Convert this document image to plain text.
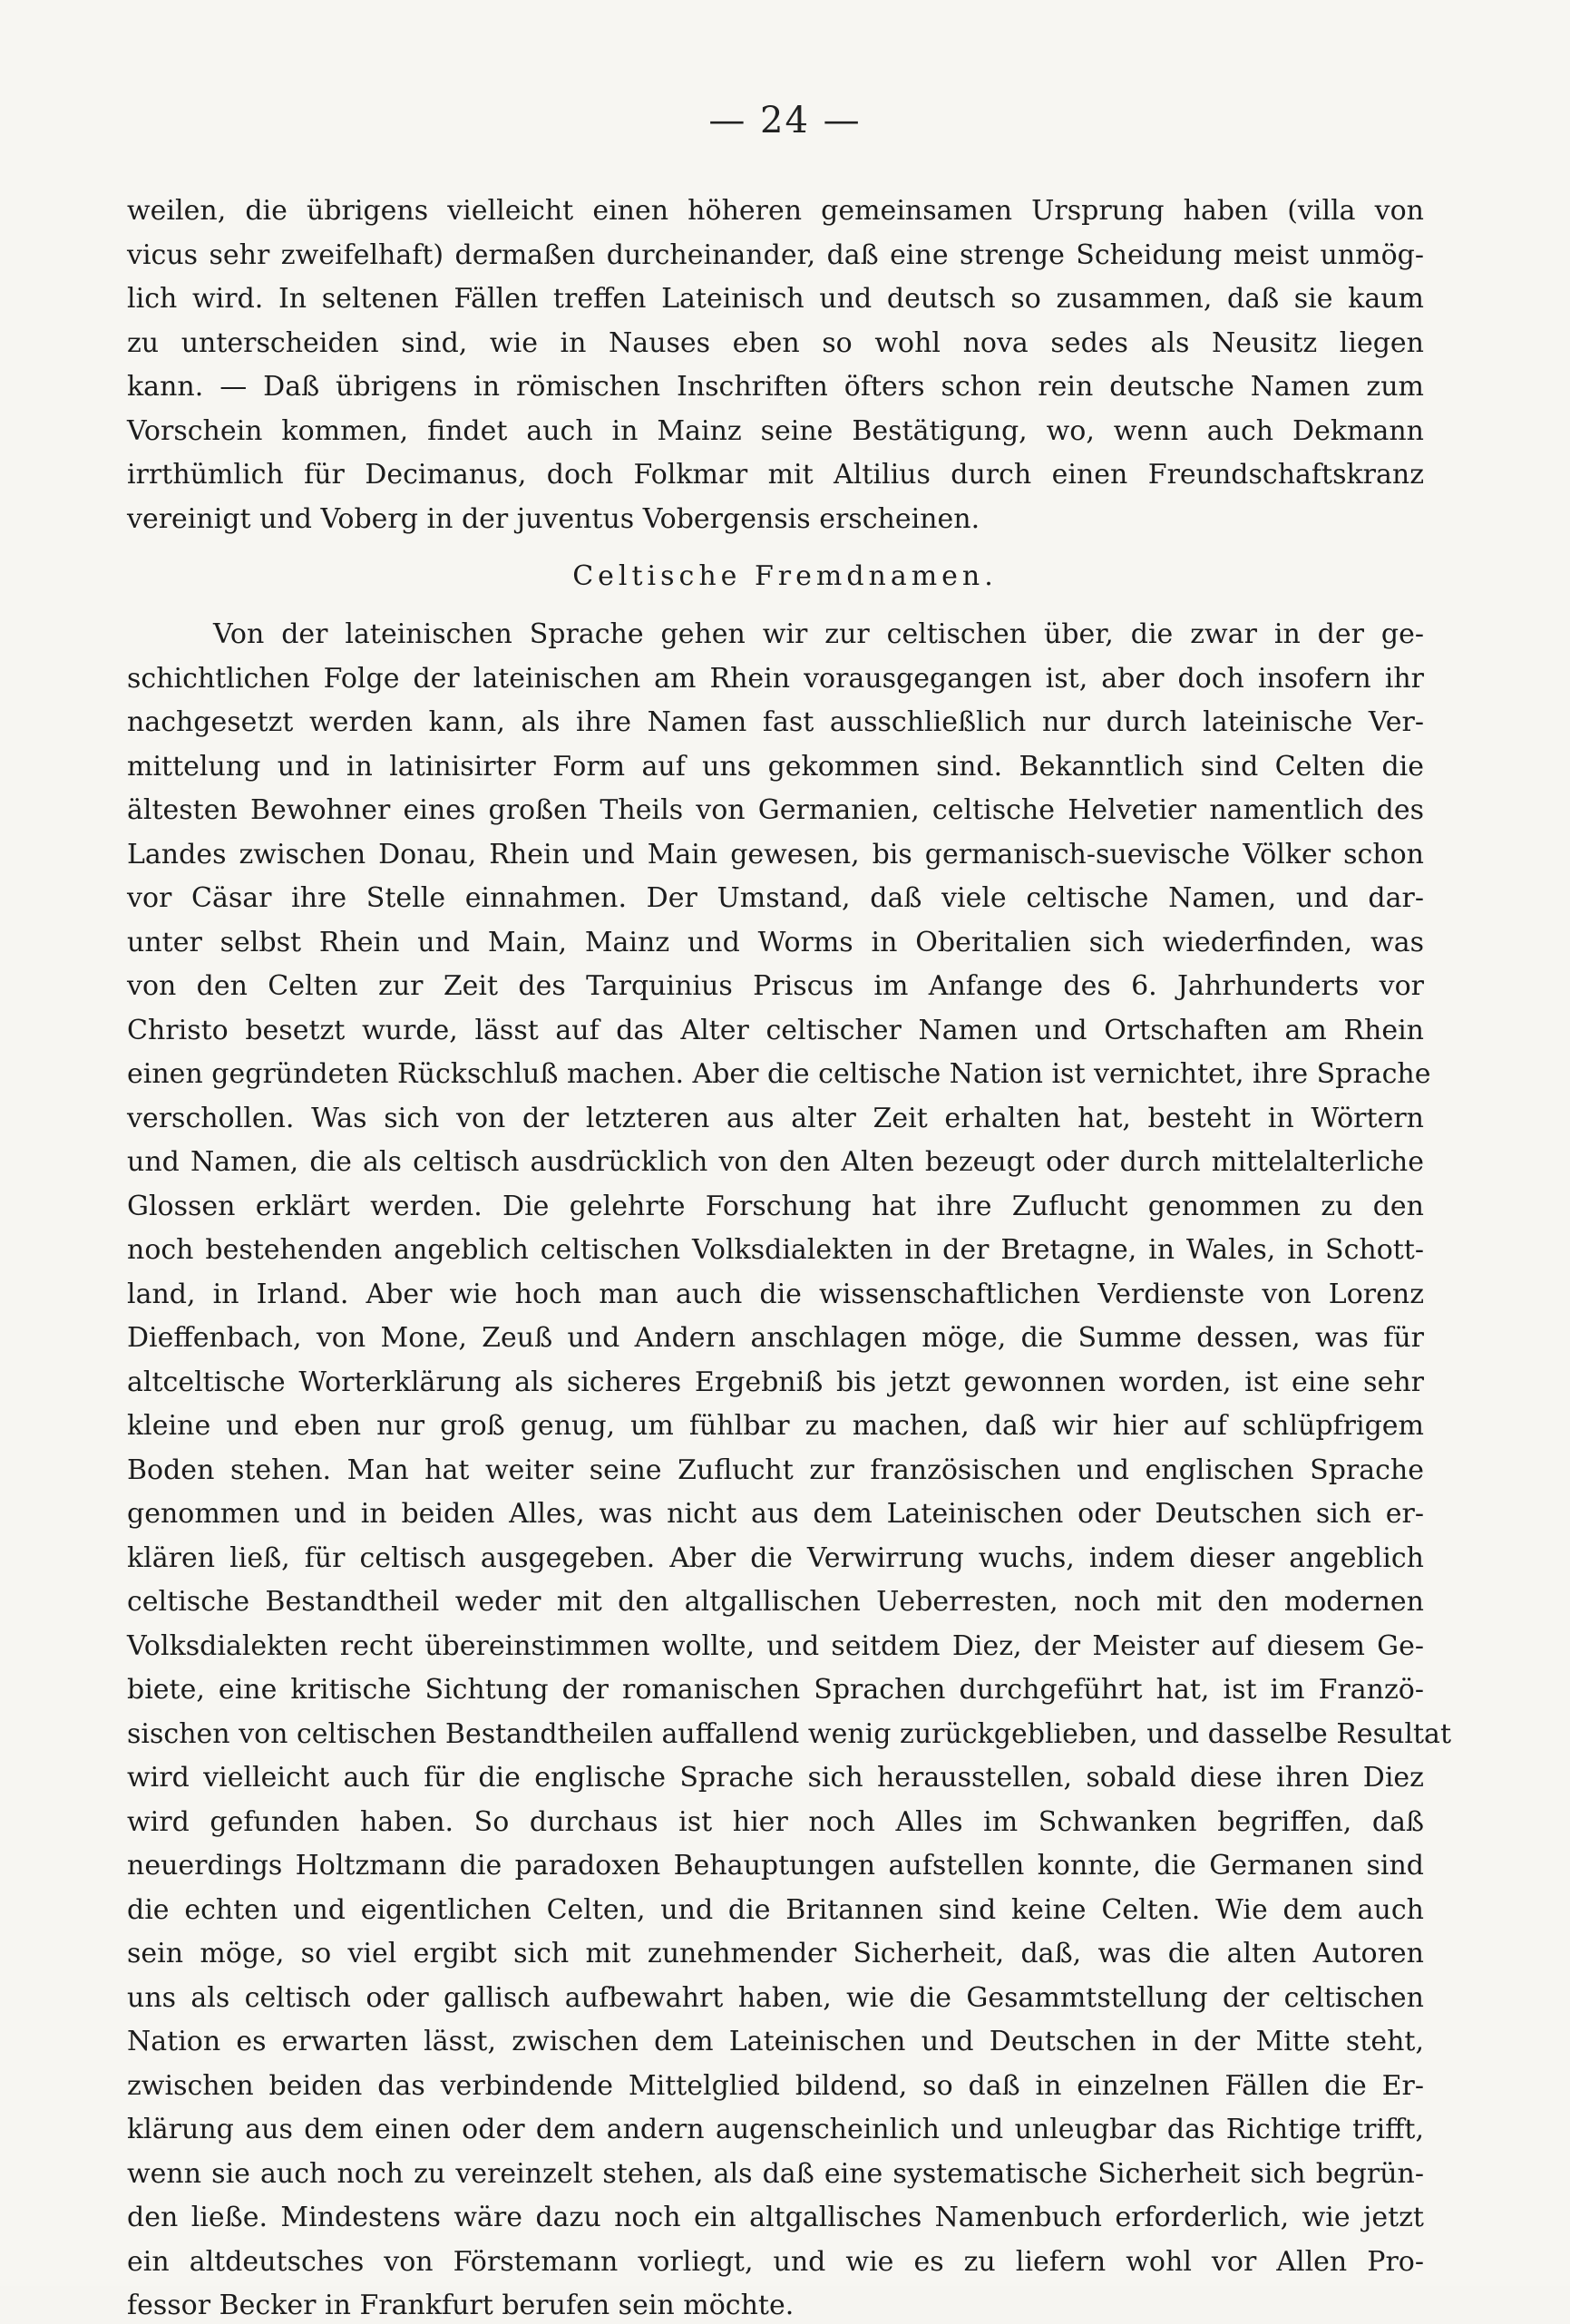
— 24 —

weilen, die übrigens vielleicht einen höheren gemeinsamen Ursprung haben (villa von

vicus sehr zweifelhaft) dermaßen durcheinander, daß eine strenge Scheidung meist unmög-

lich wird. In seltenen Fällen treffen Lateinisch und deutsch so zusammen, daß sie kaum

zu unterscheiden sind, wie in Nauses eben so wohl nova sedes als Neusitz liegen

kann. — Daß übrigens in römischen Inschriften öfters schon rein deutsche Namen zum

Vorschein kommen, findet auch in Mainz seine Bestätigung, wo, wenn auch Dekmann

irrthümlich für Decimanus, doch Folkmar mit Altilius durch einen Freundschaftskranz

vereinigt und Voberg in der juventus Vobergensis erscheinen.

Celtische Fremdnamen.

Von der lateinischen Sprache gehen wir zur celtischen über, die zwar in der ge-

schichtlichen Folge der lateinischen am Rhein vorausgegangen ist, aber doch insofern ihr

nachgesetzt werden kann, als ihre Namen fast ausschließlich nur durch lateinische Ver-

mittelung und in latinisirter Form auf uns gekommen sind. Bekanntlich sind Celten die

ältesten Bewohner eines großen Theils von Germanien, celtische Helvetier namentlich des

Landes zwischen Donau, Rhein und Main gewesen, bis germanisch-suevische Völker schon

vor Cäsar ihre Stelle einnahmen. Der Umstand, daß viele celtische Namen, und dar-

unter selbst Rhein und Main, Mainz und Worms in Oberitalien sich wiederfinden, was

von den Celten zur Zeit des Tarquinius Priscus im Anfange des 6. Jahrhunderts vor

Christo besetzt wurde, lässt auf das Alter celtischer Namen und Ortschaften am Rhein

einen gegründeten Rückschluß machen. Aber die celtische Nation ist vernichtet, ihre Sprache

verschollen. Was sich von der letzteren aus alter Zeit erhalten hat, besteht in Wörtern

und Namen, die als celtisch ausdrücklich von den Alten bezeugt oder durch mittelalterliche

Glossen erklärt werden. Die gelehrte Forschung hat ihre Zuflucht genommen zu den

noch bestehenden angeblich celtischen Volksdialekten in der Bretagne, in Wales, in Schott-

land, in Irland. Aber wie hoch man auch die wissenschaftlichen Verdienste von Lorenz

Dieffenbach, von Mone, Zeuß und Andern anschlagen möge, die Summe dessen, was für

altceltische Worterklärung als sicheres Ergebniß bis jetzt gewonnen worden, ist eine sehr

kleine und eben nur groß genug, um fühlbar zu machen, daß wir hier auf schlüpfrigem

Boden stehen. Man hat weiter seine Zuflucht zur französischen und englischen Sprache

genommen und in beiden Alles, was nicht aus dem Lateinischen oder Deutschen sich er-

klären ließ, für celtisch ausgegeben. Aber die Verwirrung wuchs, indem dieser angeblich

celtische Bestandtheil weder mit den altgallischen Ueberresten, noch mit den modernen

Volksdialekten recht übereinstimmen wollte, und seitdem Diez, der Meister auf diesem Ge-

biete, eine kritische Sichtung der romanischen Sprachen durchgeführt hat, ist im Franzö-

sischen von celtischen Bestandtheilen auffallend wenig zurückgeblieben, und dasselbe Resultat

wird vielleicht auch für die englische Sprache sich herausstellen, sobald diese ihren Diez

wird gefunden haben. So durchaus ist hier noch Alles im Schwanken begriffen, daß

neuerdings Holtzmann die paradoxen Behauptungen aufstellen konnte, die Germanen sind

die echten und eigentlichen Celten, und die Britannen sind keine Celten. Wie dem auch

sein möge, so viel ergibt sich mit zunehmender Sicherheit, daß, was die alten Autoren

uns als celtisch oder gallisch aufbewahrt haben, wie die Gesammtstellung der celtischen

Nation es erwarten lässt, zwischen dem Lateinischen und Deutschen in der Mitte steht,

zwischen beiden das verbindende Mittelglied bildend, so daß in einzelnen Fällen die Er-

klärung aus dem einen oder dem andern augenscheinlich und unleugbar das Richtige trifft,

wenn sie auch noch zu vereinzelt stehen, als daß eine systematische Sicherheit sich begrün-

den ließe. Mindestens wäre dazu noch ein altgallisches Namenbuch erforderlich, wie jetzt

ein altdeutsches von Förstemann vorliegt, und wie es zu liefern wohl vor Allen Pro-

fessor Becker in Frankfurt berufen sein möchte.
